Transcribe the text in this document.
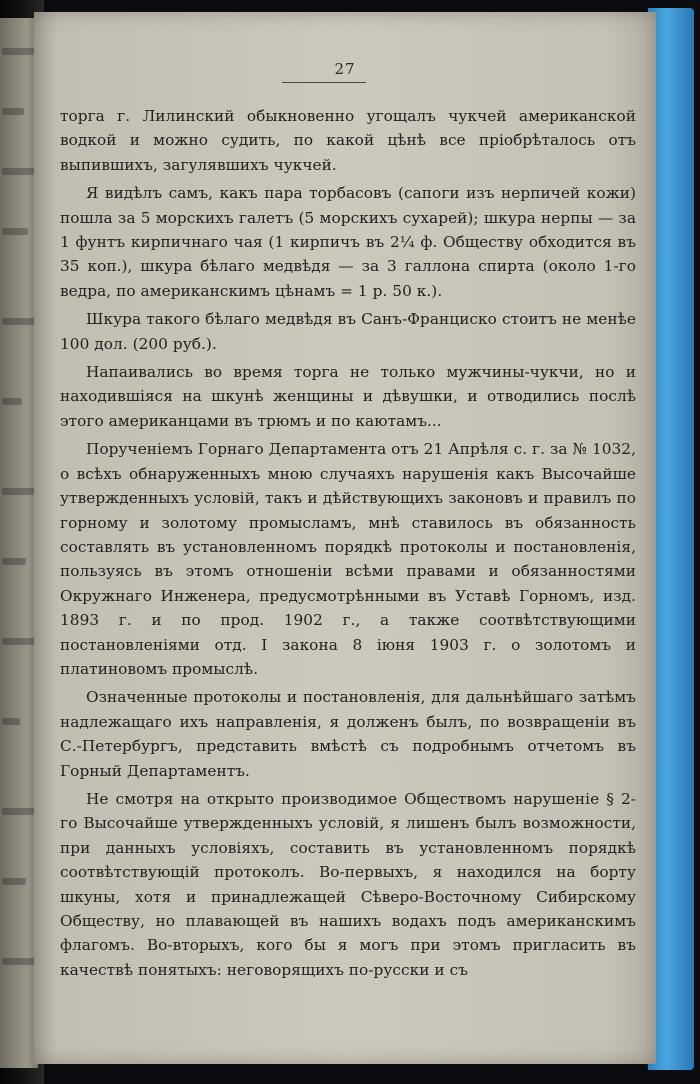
27

торга г. Лилинский обыкновенно угощалъ чукчей американской водкой и можно судить, по какой цѣнѣ все пріобрѣталось отъ выпившихъ, загулявшихъ чукчей.

Я видѣлъ самъ, какъ пара торбасовъ (сапоги изъ нерпичей кожи) пошла за 5 морскихъ галетъ (5 морскихъ сухарей); шкура нерпы — за 1 фунтъ кирпичнаго чая (1 кирпичъ въ 2¼ ф. Обществу обходится въ 35 коп.), шкура бѣлаго медвѣдя — за 3 галлона спирта (около 1-го ведра, по американскимъ цѣнамъ = 1 р. 50 к.).

Шкура такого бѣлаго медвѣдя въ Санъ-Франциско стоитъ не менѣе 100 дол. (200 руб.).

Напаивались во время торга не только мужчины-чукчи, но и находившіяся на шкунѣ женщины и дѣвушки, и отводились послѣ этого американцами въ трюмъ и по каютамъ...

Порученіемъ Горнаго Департамента отъ 21 Апрѣля с. г. за № 1032, о всѣхъ обнаруженныхъ мною случаяхъ нарушенія какъ Высочайше утвержденныхъ условій, такъ и дѣйствующихъ законовъ и правилъ по горному и золотому промысламъ, мнѣ ставилось въ обязанность составлять въ установленномъ порядкѣ протоколы и постановленія, пользуясь въ этомъ отношеніи всѣми правами и обязанностями Окружнаго Инженера, предусмотрѣнными въ Уставѣ Горномъ, изд. 1893 г. и по прод. 1902 г., а также соотвѣтствующими постановленіями отд. I закона 8 іюня 1903 г. о золотомъ и платиновомъ промыслѣ.

Означенные протоколы и постановленія, для дальнѣйшаго затѣмъ надлежащаго ихъ направленія, я долженъ былъ, по возвращеніи въ С.-Петербургъ, представить вмѣстѣ съ подробнымъ отчетомъ въ Горный Департаментъ.

Не смотря на открыто производимое Обществомъ нарушеніе § 2-го Высочайше утвержденныхъ условій, я лишенъ былъ возможности, при данныхъ условіяхъ, составить въ установленномъ порядкѣ соотвѣтствующій протоколъ. Во-первыхъ, я находился на борту шкуны, хотя и принадлежащей Сѣверо-Восточному Сибирскому Обществу, но плавающей въ нашихъ водахъ подъ американскимъ флагомъ. Во-вторыхъ, кого бы я могъ при этомъ пригласить въ качествѣ понятыхъ: неговорящихъ по-русски и съ
